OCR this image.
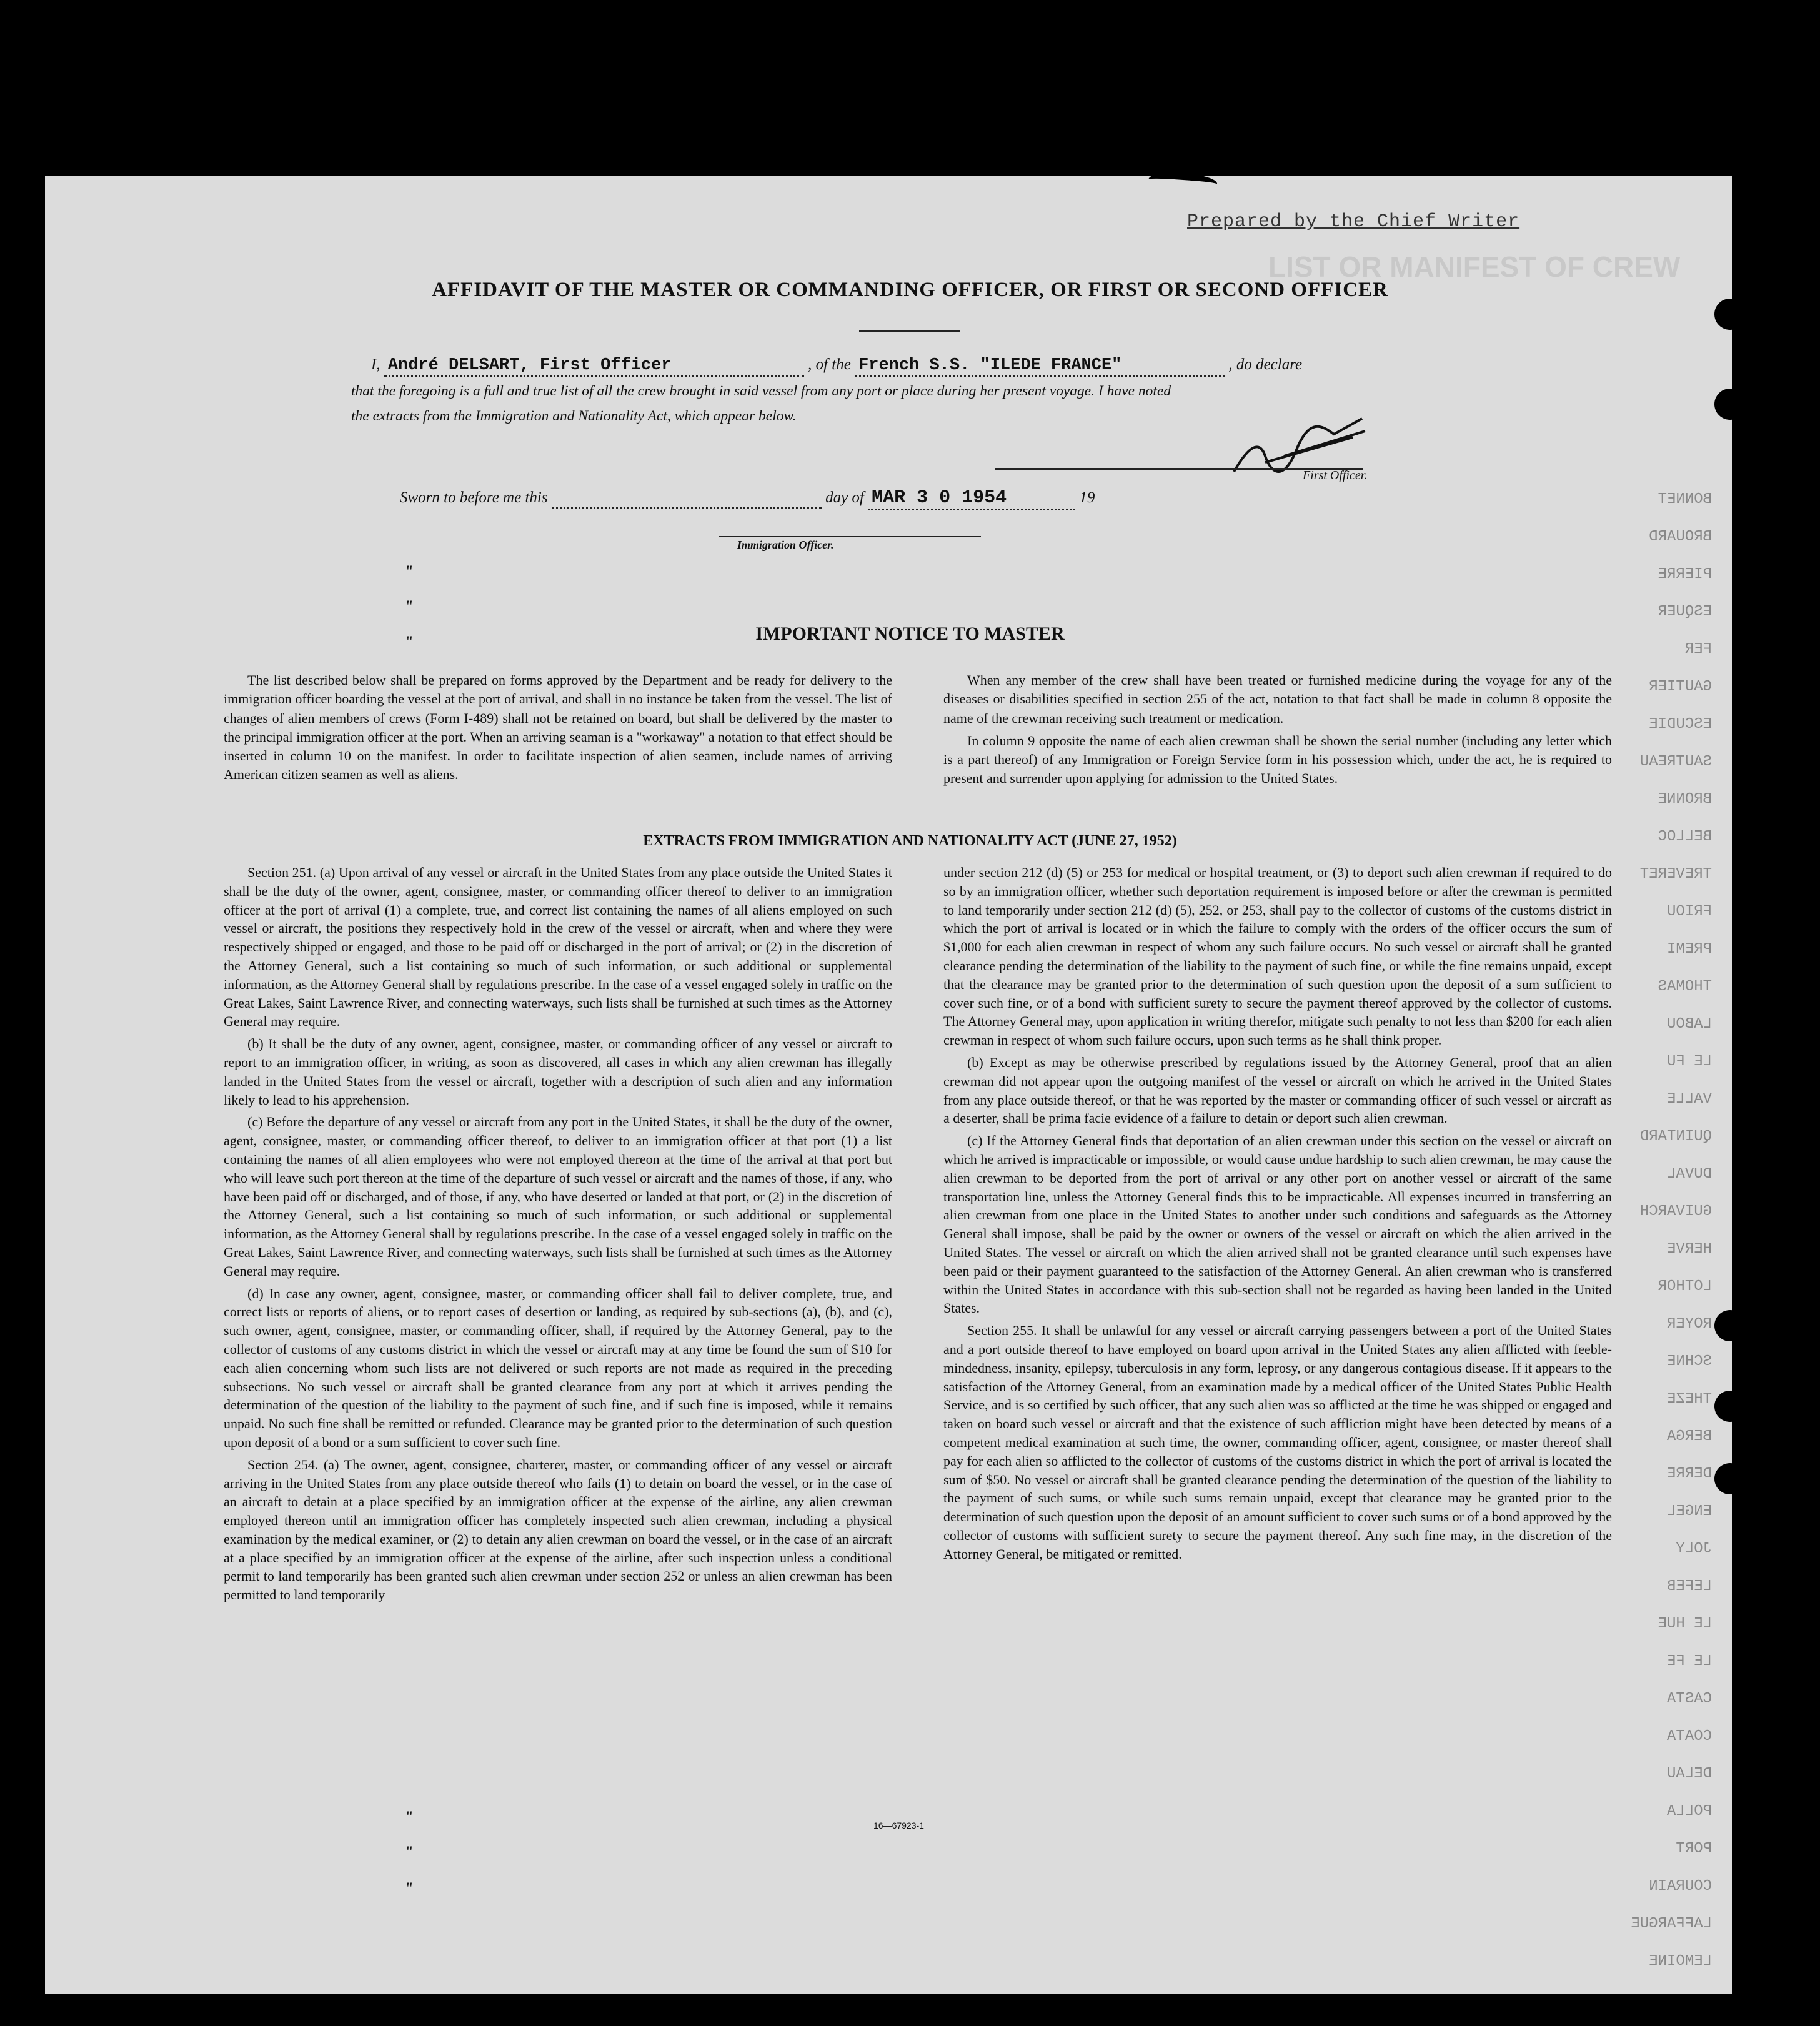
Prepared by the Chief Writer
LIST OR MANIFEST OF CREW
AFFIDAVIT OF THE MASTER OR COMMANDING OFFICER, OR FIRST OR SECOND OFFICER
I, André DELSART, First Officer	, of the French S.S. "ILEDE FRANCE"	, do declare
that the foregoing is a full and true list of all the crew brought in said vessel from any port or place during her present voyage. I have noted
the extracts from the Immigration and Nationality Act, which appear below.
First Officer.
Sworn to before me this	day of MAR 3 0 1954	19
Immigration Officer.
"
"
"
"
"
"
IMPORTANT NOTICE TO MASTER

The list described below shall be prepared on forms approved by the Department and be ready for delivery to the immigration officer boarding the vessel at the port of arrival, and shall in no instance be taken from the vessel. The list of changes of alien members of crews (Form I-489) shall not be retained on board, but shall be delivered by the master to the principal immigration officer at the port. When an arriving seaman is a "workaway" a notation to that effect should be inserted in column 10 on the manifest. In order to facilitate inspection of alien seamen, include names of arriving American citizen seamen as well as aliens.

When any member of the crew shall have been treated or furnished medicine during the voyage for any of the diseases or disabilities specified in section 255 of the act, notation to that fact shall be made in column 8 opposite the name of the crewman receiving such treatment or medication.

In column 9 opposite the name of each alien crewman shall be shown the serial number (including any letter which is a part thereof) of any Immigration or Foreign Service form in his possession which, under the act, he is required to present and surrender upon applying for admission to the United States.

EXTRACTS FROM IMMIGRATION AND NATIONALITY ACT (JUNE 27, 1952)

Section 251. (a) Upon arrival of any vessel or aircraft in the United States from any place outside the United States it shall be the duty of the owner, agent, consignee, master, or commanding officer thereof to deliver to an immigration officer at the port of arrival (1) a complete, true, and correct list containing the names of all aliens employed on such vessel or aircraft, the positions they respectively hold in the crew of the vessel or aircraft, when and where they were respectively shipped or engaged, and those to be paid off or discharged in the port of arrival; or (2) in the discretion of the Attorney General, such a list containing so much of such information, or such additional or supplemental information, as the Attorney General shall by regulations prescribe. In the case of a vessel engaged solely in traffic on the Great Lakes, Saint Lawrence River, and connecting waterways, such lists shall be furnished at such times as the Attorney General may require.

(b) It shall be the duty of any owner, agent, consignee, master, or commanding officer of any vessel or aircraft to report to an immigration officer, in writing, as soon as discovered, all cases in which any alien crewman has illegally landed in the United States from the vessel or aircraft, together with a description of such alien and any information likely to lead to his apprehension.

(c) Before the departure of any vessel or aircraft from any port in the United States, it shall be the duty of the owner, agent, consignee, master, or commanding officer thereof, to deliver to an immigration officer at that port (1) a list containing the names of all alien employees who were not employed thereon at the time of the arrival at that port but who will leave such port thereon at the time of the departure of such vessel or aircraft and the names of those, if any, who have been paid off or discharged, and of those, if any, who have deserted or landed at that port, or (2) in the discretion of the Attorney General, such a list containing so much of such information, or such additional or supplemental information, as the Attorney General shall by regulations prescribe. In the case of a vessel engaged solely in traffic on the Great Lakes, Saint Lawrence River, and connecting waterways, such lists shall be furnished at such times as the Attorney General may require.

(d) In case any owner, agent, consignee, master, or commanding officer shall fail to deliver complete, true, and correct lists or reports of aliens, or to report cases of desertion or landing, as required by sub-sections (a), (b), and (c), such owner, agent, consignee, master, or commanding officer, shall, if required by the Attorney General, pay to the collector of customs of any customs district in which the vessel or aircraft may at any time be found the sum of $10 for each alien concerning whom such lists are not delivered or such reports are not made as required in the preceding subsections. No such vessel or aircraft shall be granted clearance from any port at which it arrives pending the determination of the question of the liability to the payment of such fine, and if such fine is imposed, while it remains unpaid. No such fine shall be remitted or refunded. Clearance may be granted prior to the determination of such question upon deposit of a bond or a sum sufficient to cover such fine.

Section 254. (a) The owner, agent, consignee, charterer, master, or commanding officer of any vessel or aircraft arriving in the United States from any place outside thereof who fails (1) to detain on board the vessel, or in the case of an aircraft to detain at a place specified by an immigration officer at the expense of the airline, any alien crewman employed thereon until an immigration officer has completely inspected such alien crewman, including a physical examination by the medical examiner, or (2) to detain any alien crewman on board the vessel, or in the case of an aircraft at a place specified by an immigration officer at the expense of the airline, after such inspection unless a conditional permit to land temporarily has been granted such alien crewman under section 252 or unless an alien crewman has been permitted to land temporarily

under section 212 (d) (5) or 253 for medical or hospital treatment, or (3) to deport such alien crewman if required to do so by an immigration officer, whether such deportation requirement is imposed before or after the crewman is permitted to land temporarily under section 212 (d) (5), 252, or 253, shall pay to the collector of customs of the customs district in which the port of arrival is located or in which the failure to comply with the orders of the officer occurs the sum of $1,000 for each alien crewman in respect of whom any such failure occurs. No such vessel or aircraft shall be granted clearance pending the determination of the liability to the payment of such fine, or while the fine remains unpaid, except that the clearance may be granted prior to the determination of such question upon the deposit of a sum sufficient to cover such fine, or of a bond with sufficient surety to secure the payment thereof approved by the collector of customs. The Attorney General may, upon application in writing therefor, mitigate such penalty to not less than $200 for each alien crewman in respect of whom such failure occurs, upon such terms as he shall think proper.

(b) Except as may be otherwise prescribed by regulations issued by the Attorney General, proof that an alien crewman did not appear upon the outgoing manifest of the vessel or aircraft on which he arrived in the United States from any place outside thereof, or that he was reported by the master or commanding officer of such vessel or aircraft as a deserter, shall be prima facie evidence of a failure to detain or deport such alien crewman.

(c) If the Attorney General finds that deportation of an alien crewman under this section on the vessel or aircraft on which he arrived is impracticable or impossible, or would cause undue hardship to such alien crewman, he may cause the alien crewman to be deported from the port of arrival or any other port on another vessel or aircraft of the same transportation line, unless the Attorney General finds this to be impracticable. All expenses incurred in transferring an alien crewman from one place in the United States to another under such conditions and safeguards as the Attorney General shall impose, shall be paid by the owner or owners of the vessel or aircraft on which the alien arrived in the United States. The vessel or aircraft on which the alien arrived shall not be granted clearance until such expenses have been paid or their payment guaranteed to the satisfaction of the Attorney General. An alien crewman who is transferred within the United States in accordance with this sub-section shall not be regarded as having been landed in the United States.

Section 255. It shall be unlawful for any vessel or aircraft carrying passengers between a port of the United States and a port outside thereof to have employed on board upon arrival in the United States any alien afflicted with feeble-mindedness, insanity, epilepsy, tuberculosis in any form, leprosy, or any dangerous contagious disease. If it appears to the satisfaction of the Attorney General, from an examination made by a medical officer of the United States Public Health Service, and is so certified by such officer, that any such alien was so afflicted at the time he was shipped or engaged and taken on board such vessel or aircraft and that the existence of such affliction might have been detected by means of a competent medical examination at such time, the owner, commanding officer, agent, consignee, or master thereof shall pay for each alien so afflicted to the collector of customs of the customs district in which the port of arrival is located the sum of $50. No vessel or aircraft shall be granted clearance pending the determination of the question of the liability to the payment of such sums, or while such sums remain unpaid, except that clearance may be granted prior to the determination of such question upon the deposit of an amount sufficient to cover such sums or of a bond approved by the collector of customs with sufficient surety to secure the payment thereof. Any such fine may, in the discretion of the Attorney General, be mitigated or remitted.

16—67923-1
BONNET
BROUARD
PIERRE
ESQUER
FER
GAUTIER
ESCUDIE
SAUTREAU
BRONNE
BELLOC
TREVERET
FRIOU
PREMI
THOMAS
LABOU
LE FU
VALLE
QUINTARD
DUVAL
GUIVARCH
HERVE
LOTHOR
ROYER
SCHNE
THEZE
BERGA
DERRE
ENGEL
JOLY
LEFEB
LE HUE
LE FE
CASTA
COATA
DELAU
POLLA
PORT
COURAIN
LAFFARGUE
LEMOINE
